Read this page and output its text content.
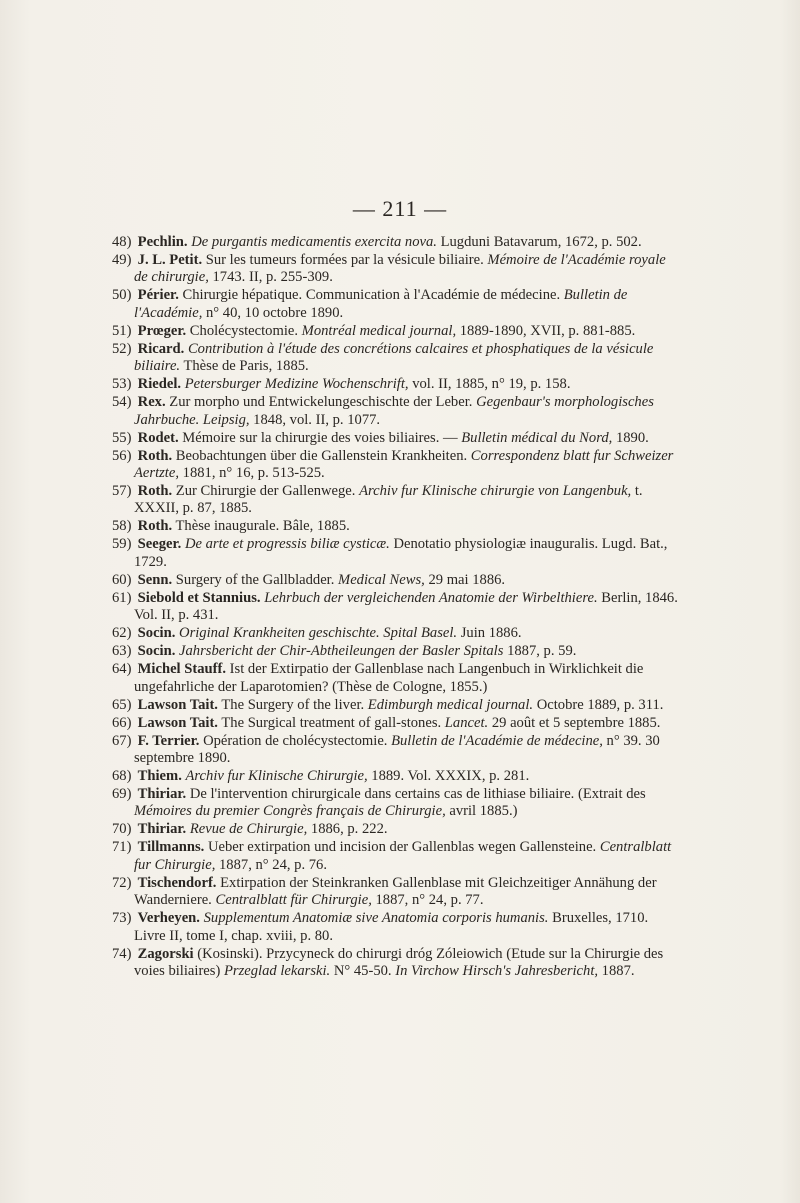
— 211 —
48) Pechlin. De purgantis medicamentis exercita nova. Lugduni Batavarum, 1672, p. 502.
49) J. L. Petit. Sur les tumeurs formées par la vésicule biliaire. Mémoire de l'Académie royale de chirurgie, 1743. II, p. 255-309.
50) Périer. Chirurgie hépatique. Communication à l'Académie de médecine. Bulletin de l'Académie, n° 40, 10 octobre 1890.
51) Prœger. Cholécystectomie. Montréal medical journal, 1889-1890, XVII, p. 881-885.
52) Ricard. Contribution à l'étude des concrétions calcaires et phosphatiques de la vésicule biliaire. Thèse de Paris, 1885.
53) Riedel. Petersburger Medizine Wochenschrift, vol. II, 1885, n° 19, p. 158.
54) Rex. Zur morpho und Entwickelungeschischte der Leber. Gegenbaur's morphologisches Jahrbuche. Leipsig, 1848, vol. II, p. 1077.
55) Rodet. Mémoire sur la chirurgie des voies biliaires. — Bulletin médical du Nord, 1890.
56) Roth. Beobachtungen über die Gallenstein Krankheiten. Correspondenz blatt fur Schweizer Aertzte, 1881, n° 16, p. 513-525.
57) Roth. Zur Chirurgie der Gallenwege. Archiv fur Klinische chirurgie von Langenbuk, t. XXXII, p. 87, 1885.
58) Roth. Thèse inaugurale. Bâle, 1885.
59) Seeger. De arte et progressis biliæ cysticæ. Denotatio physiologiæ inauguralis. Lugd. Bat., 1729.
60) Senn. Surgery of the Gallbladder. Medical News, 29 mai 1886.
61) Siebold et Stannius. Lehrbuch der vergleichenden Anatomie der Wirbelthiere. Berlin, 1846. Vol. II, p. 431.
62) Socin. Original Krankheiten geschischte. Spital Basel. Juin 1886.
63) Socin. Jahrsbericht der Chir-Abtheileungen der Basler Spitals 1887, p. 59.
64) Michel Stauff. Ist der Extirpatio der Gallenblase nach Langenbuch in Wirklichkeit die ungefahrliche der Laparotomien? (Thèse de Cologne, 1855.)
65) Lawson Tait. The Surgery of the liver. Edimburgh medical journal. Octobre 1889, p. 311.
66) Lawson Tait. The Surgical treatment of gall-stones. Lancet. 29 août et 5 septembre 1885.
67) F. Terrier. Opération de cholécystectomie. Bulletin de l'Académie de médecine, n° 39. 30 septembre 1890.
68) Thiem. Archiv fur Klinische Chirurgie, 1889. Vol. XXXIX, p. 281.
69) Thiriar. De l'intervention chirurgicale dans certains cas de lithiase biliaire. (Extrait des Mémoires du premier Congrès français de Chirurgie, avril 1885.)
70) Thiriar. Revue de Chirurgie, 1886, p. 222.
71) Tillmanns. Ueber extirpation und incision der Gallenblas wegen Gallensteine. Centralblatt fur Chirurgie, 1887, n° 24, p. 76.
72) Tischendorf. Extirpation der Steinkranken Gallenblase mit Gleichzeitiger Annähung der Wanderniere. Centralblatt für Chirurgie, 1887, n° 24, p. 77.
73) Verheyen. Supplementum Anatomiæ sive Anatomia corporis humanis. Bruxelles, 1710. Livre II, tome I, chap. xviii, p. 80.
74) Zagorski (Kosinski). Przycyneck do chirurgi dróg Zóleiowich (Etude sur la Chirurgie des voies biliaires) Przeglad lekarski. N° 45-50. In Virchow Hirsch's Jahresbericht, 1887.
